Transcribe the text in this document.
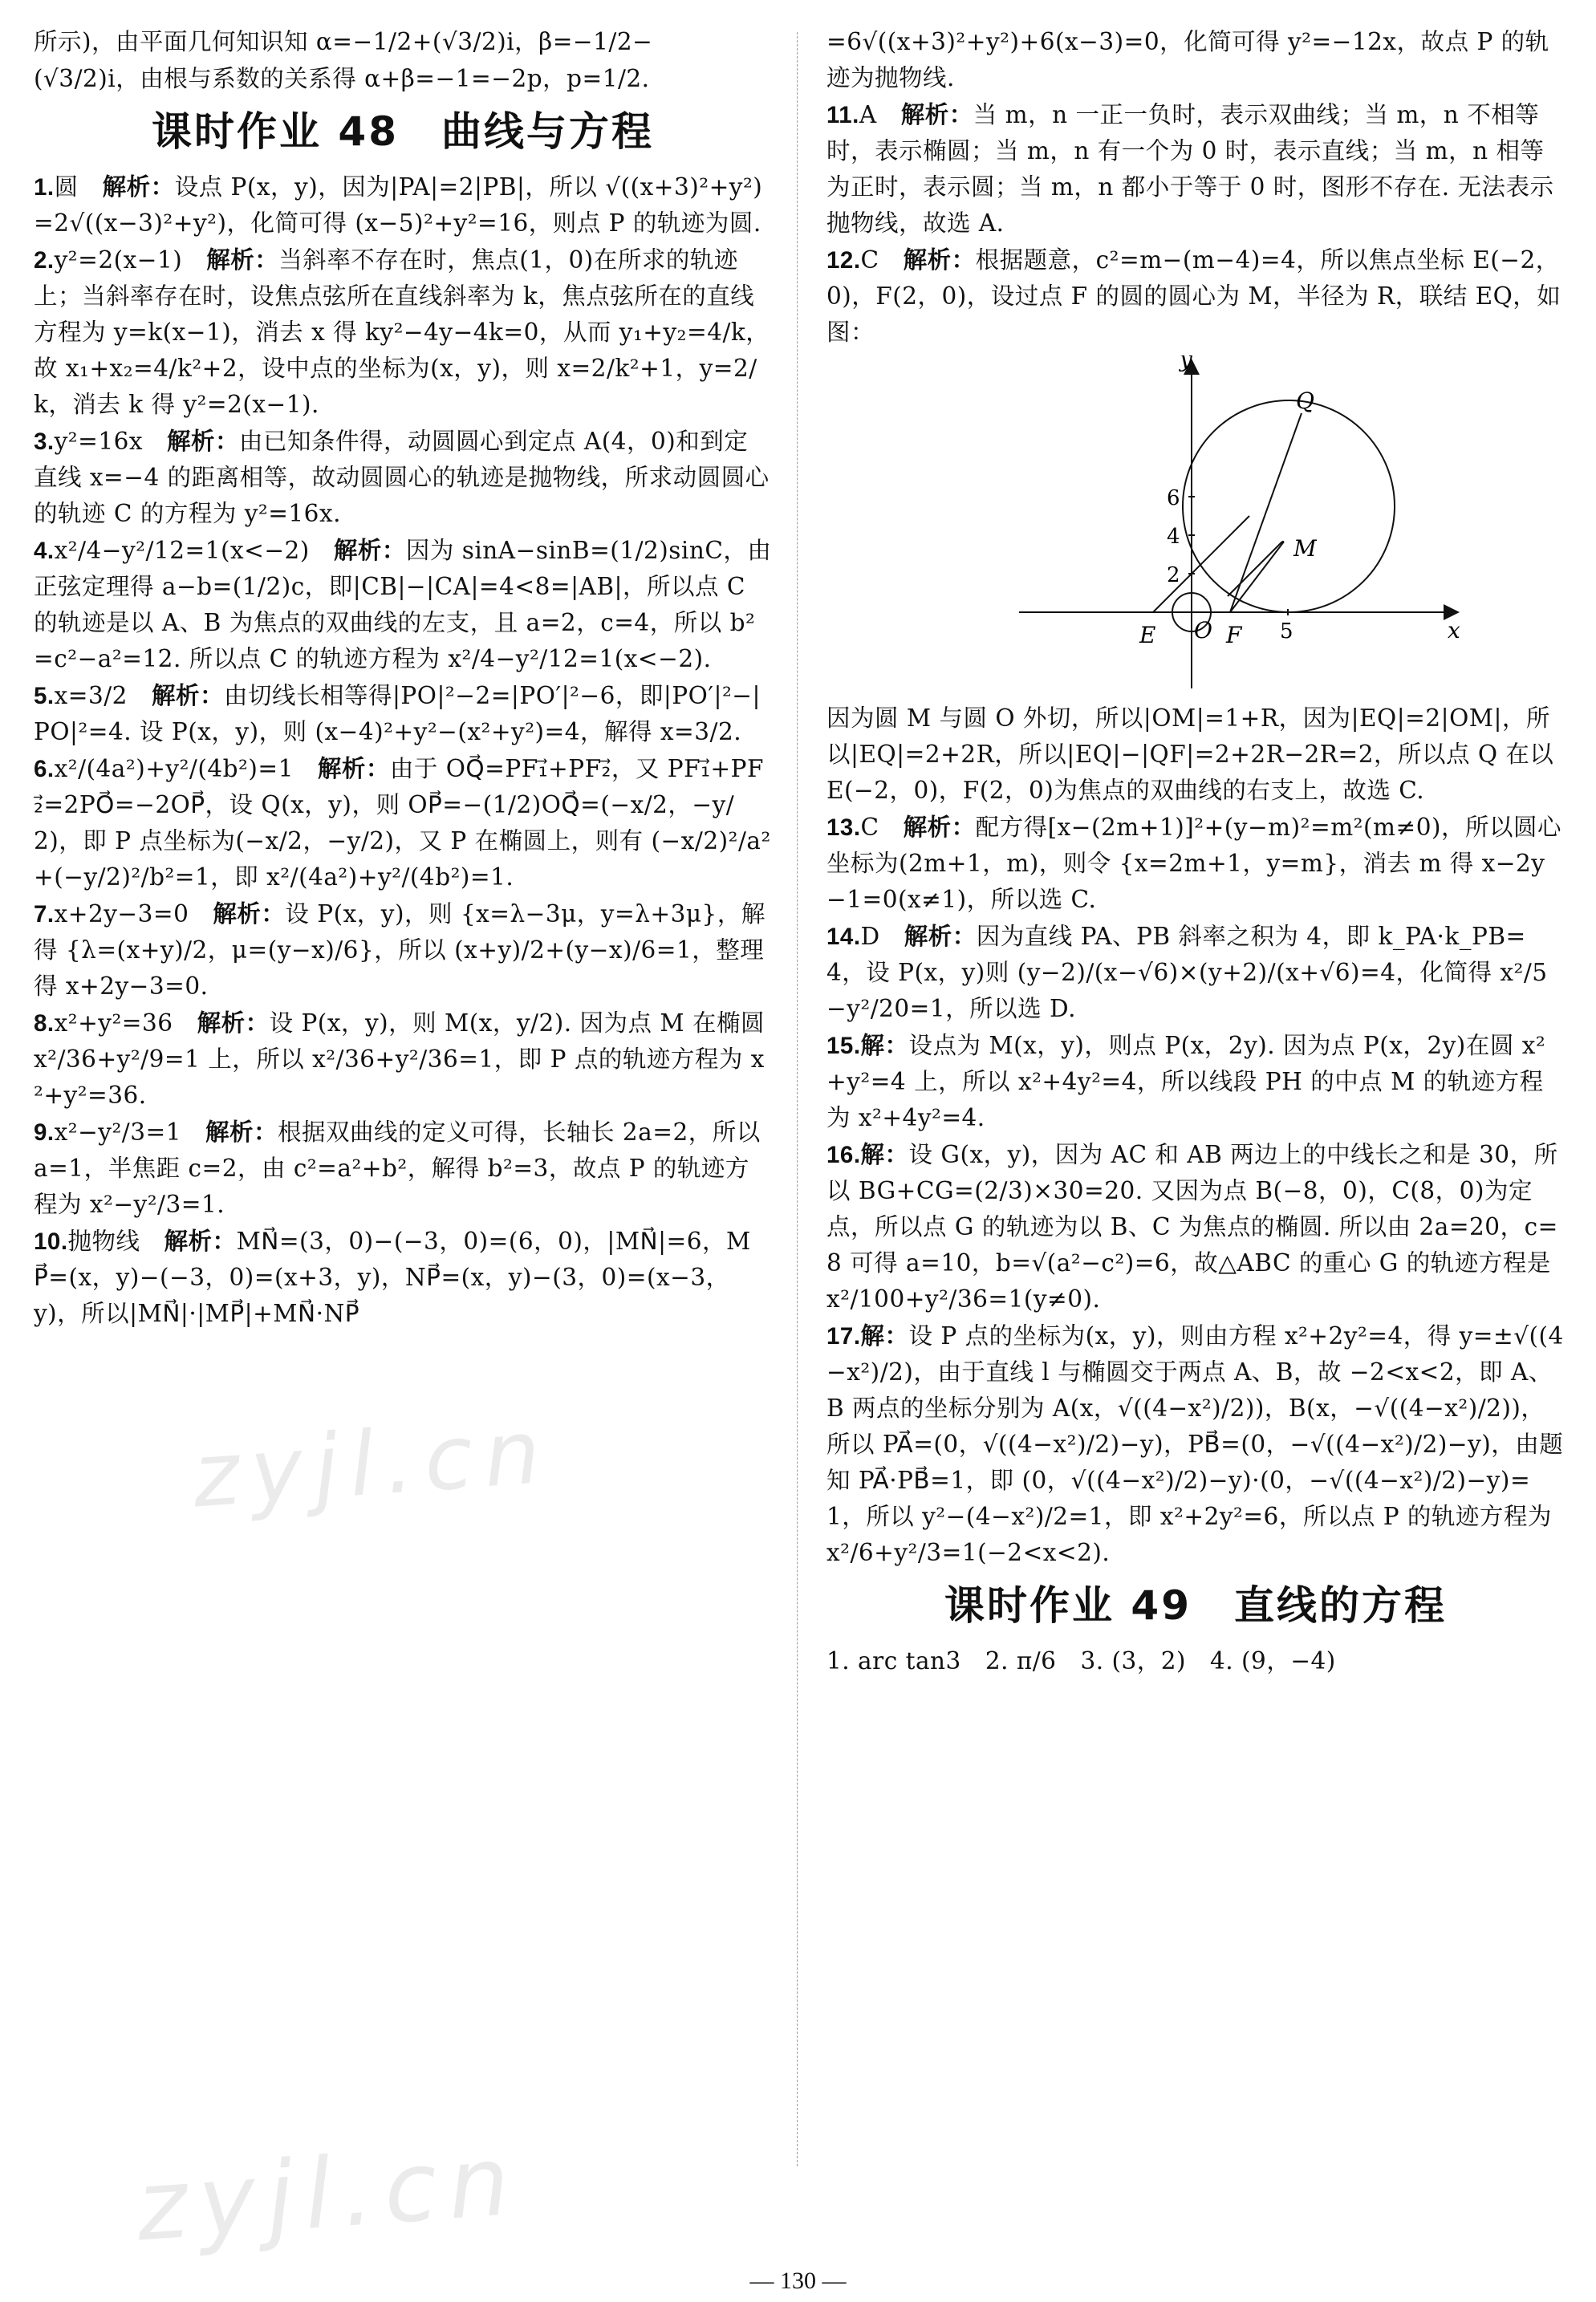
所示)，由平面几何知识知 α=−1/2+(√3/2)i，β=−1/2−
(√3/2)i，由根与系数的关系得 α+β=−1=−2p，p=1/2.
课时作业 48　曲线与方程
1.圆　 解析：设点 P(x，y)，因为|PA|=2|PB|，所以 √((x+3)²+y²)=2√((x−3)²+y²)，化简可得 (x−5)²+y²=16，则点 P 的轨迹为圆.
2.y²=2(x−1)　 解析：当斜率不存在时，焦点(1，0)在所求的轨迹上；当斜率存在时，设焦点弦所在直线斜率为 k，焦点弦所在的直线方程为 y=k(x−1)，消去 x 得 ky²−4y−4k=0，从而 y₁+y₂=4/k，故 x₁+x₂=4/k²+2，设中点的坐标为(x，y)，则 x=2/k²+1，y=2/k，消去 k 得 y²=2(x−1).
3.y²=16x　 解析：由已知条件得，动圆圆心到定点 A(4，0)和到定直线 x=−4 的距离相等，故动圆圆心的轨迹是抛物线，所求动圆圆心的轨迹 C 的方程为 y²=16x.
4.x²/4−y²/12=1(x<−2)　 解析：因为 sinA−sinB=(1/2)sinC，由正弦定理得 a−b=(1/2)c，即|CB|−|CA|=4<8=|AB|，所以点 C 的轨迹是以 A、B 为焦点的双曲线的左支，且 a=2，c=4，所以 b²=c²−a²=12. 所以点 C 的轨迹方程为 x²/4−y²/12=1(x<−2).
5.x=3/2　 解析：由切线长相等得|PO|²−2=|PO′|²−6，即|PO′|²−|PO|²=4. 设 P(x，y)，则 (x−4)²+y²−(x²+y²)=4，解得 x=3/2.
6.x²/(4a²)+y²/(4b²)=1　 解析：由于 OQ⃗=PF₁⃗+PF₂⃗，又 PF₁⃗+PF₂⃗=2PO⃗=−2OP⃗，设 Q(x，y)，则 OP⃗=−(1/2)OQ⃗=(−x/2，−y/2)，即 P 点坐标为(−x/2，−y/2)，又 P 在椭圆上，则有 (−x/2)²/a²+(−y/2)²/b²=1，即 x²/(4a²)+y²/(4b²)=1.
7.x+2y−3=0　 解析：设 P(x，y)，则 {x=λ−3μ，y=λ+3μ}，解得 {λ=(x+y)/2，μ=(y−x)/6}，所以 (x+y)/2+(y−x)/6=1，整理得 x+2y−3=0.
8.x²+y²=36　 解析：设 P(x，y)，则 M(x，y/2). 因为点 M 在椭圆 x²/36+y²/9=1 上，所以 x²/36+y²/36=1，即 P 点的轨迹方程为 x²+y²=36.
9.x²−y²/3=1　 解析：根据双曲线的定义可得，长轴长 2a=2，所以 a=1，半焦距 c=2，由 c²=a²+b²，解得 b²=3，故点 P 的轨迹方程为 x²−y²/3=1.
10.抛物线　 解析：MN⃗=(3，0)−(−3，0)=(6，0)，|MN⃗|=6，MP⃗=(x，y)−(−3，0)=(x+3，y)，NP⃗=(x，y)−(3，0)=(x−3，y)，所以|MN⃗|·|MP⃗|+MN⃗·NP⃗
=6√((x+3)²+y²)+6(x−3)=0，化简可得 y²=−12x，故点 P 的轨迹为抛物线.
11.A　 解析：当 m，n 一正一负时，表示双曲线；当 m，n 不相等时，表示椭圆；当 m，n 有一个为 0 时，表示直线；当 m，n 相等为正时，表示圆；当 m，n 都小于等于 0 时，图形不存在. 无法表示抛物线，故选 A.
12.C　 解析：根据题意，c²=m−(m−4)=4，所以焦点坐标 E(−2，0)，F(2，0)，设过点 F 的圆的圆心为 M，半径为 R，联结 EQ，如图：
y
x
O
E	F
M
Q
2
4
6
5
因为圆 M 与圆 O 外切，所以|OM|=1+R，因为|EQ|=2|OM|，所以|EQ|=2+2R，所以|EQ|−|QF|=2+2R−2R=2，所以点 Q 在以 E(−2，0)，F(2，0)为焦点的双曲线的右支上，故选 C.
13.C　 解析：配方得[x−(2m+1)]²+(y−m)²=m²(m≠0)，所以圆心坐标为(2m+1，m)，则令 {x=2m+1，y=m}，消去 m 得 x−2y−1=0(x≠1)，所以选 C.
14.D　 解析：因为直线 PA、PB 斜率之积为 4，即 k_PA·k_PB=4，设 P(x，y)则 (y−2)/(x−√6)×(y+2)/(x+√6)=4，化简得 x²/5−y²/20=1，所以选 D.
15.解：设点为 M(x，y)，则点 P(x，2y). 因为点 P(x，2y)在圆 x²+y²=4 上，所以 x²+4y²=4，所以线段 PH 的中点 M 的轨迹方程为 x²+4y²=4.
16.解：设 G(x，y)，因为 AC 和 AB 两边上的中线长之和是 30，所以 BG+CG=(2/3)×30=20. 又因为点 B(−8，0)，C(8，0)为定点，所以点 G 的轨迹为以 B、C 为焦点的椭圆. 所以由 2a=20，c=8 可得 a=10，b=√(a²−c²)=6，故△ABC 的重心 G 的轨迹方程是 x²/100+y²/36=1(y≠0).
17.解：设 P 点的坐标为(x，y)，则由方程 x²+2y²=4，得 y=±√((4−x²)/2)，由于直线 l 与椭圆交于两点 A、B，故 −2<x<2，即 A、B 两点的坐标分别为 A(x，√((4−x²)/2))，B(x，−√((4−x²)/2))，所以 PA⃗=(0，√((4−x²)/2)−y)，PB⃗=(0，−√((4−x²)/2)−y)，由题知 PA⃗·PB⃗=1，即 (0，√((4−x²)/2)−y)·(0，−√((4−x²)/2)−y)=1，所以 y²−(4−x²)/2=1，即 x²+2y²=6，所以点 P 的轨迹方程为 x²/6+y²/3=1(−2<x<2).
课时作业 49　直线的方程
1. arc tan3　2. π/6　3. (3，2)　4. (9，−4)
zyjl.cn
zyjl.cn
— 130 —
